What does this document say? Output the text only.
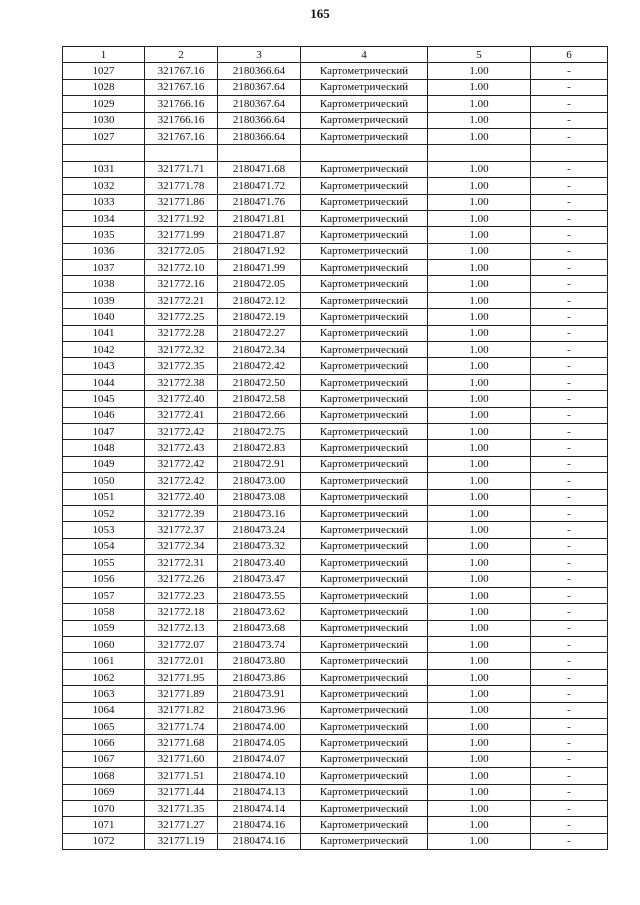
165
1	2	3	4	5	6
1027	321767.16	2180366.64	Картометрический	1.00	-
1028	321767.16	2180367.64	Картометрический	1.00	-
1029	321766.16	2180367.64	Картометрический	1.00	-
1030	321766.16	2180366.64	Картометрический	1.00	-
1027	321767.16	2180366.64	Картометрический	1.00	-

1031	321771.71	2180471.68	Картометрический	1.00	-
1032	321771.78	2180471.72	Картометрический	1.00	-
1033	321771.86	2180471.76	Картометрический	1.00	-
1034	321771.92	2180471.81	Картометрический	1.00	-
1035	321771.99	2180471.87	Картометрический	1.00	-
1036	321772.05	2180471.92	Картометрический	1.00	-
1037	321772.10	2180471.99	Картометрический	1.00	-
1038	321772.16	2180472.05	Картометрический	1.00	-
1039	321772.21	2180472.12	Картометрический	1.00	-
1040	321772.25	2180472.19	Картометрический	1.00	-
1041	321772.28	2180472.27	Картометрический	1.00	-
1042	321772.32	2180472.34	Картометрический	1.00	-
1043	321772.35	2180472.42	Картометрический	1.00	-
1044	321772.38	2180472.50	Картометрический	1.00	-
1045	321772.40	2180472.58	Картометрический	1.00	-
1046	321772.41	2180472.66	Картометрический	1.00	-
1047	321772.42	2180472.75	Картометрический	1.00	-
1048	321772.43	2180472.83	Картометрический	1.00	-
1049	321772.42	2180472.91	Картометрический	1.00	-
1050	321772.42	2180473.00	Картометрический	1.00	-
1051	321772.40	2180473.08	Картометрический	1.00	-
1052	321772.39	2180473.16	Картометрический	1.00	-
1053	321772.37	2180473.24	Картометрический	1.00	-
1054	321772.34	2180473.32	Картометрический	1.00	-
1055	321772.31	2180473.40	Картометрический	1.00	-
1056	321772.26	2180473.47	Картометрический	1.00	-
1057	321772.23	2180473.55	Картометрический	1.00	-
1058	321772.18	2180473.62	Картометрический	1.00	-
1059	321772.13	2180473.68	Картометрический	1.00	-
1060	321772.07	2180473.74	Картометрический	1.00	-
1061	321772.01	2180473.80	Картометрический	1.00	-
1062	321771.95	2180473.86	Картометрический	1.00	-
1063	321771.89	2180473.91	Картометрический	1.00	-
1064	321771.82	2180473.96	Картометрический	1.00	-
1065	321771.74	2180474.00	Картометрический	1.00	-
1066	321771.68	2180474.05	Картометрический	1.00	-
1067	321771.60	2180474.07	Картометрический	1.00	-
1068	321771.51	2180474.10	Картометрический	1.00	-
1069	321771.44	2180474.13	Картометрический	1.00	-
1070	321771.35	2180474.14	Картометрический	1.00	-
1071	321771.27	2180474.16	Картометрический	1.00	-
1072	321771.19	2180474.16	Картометрический	1.00	-
